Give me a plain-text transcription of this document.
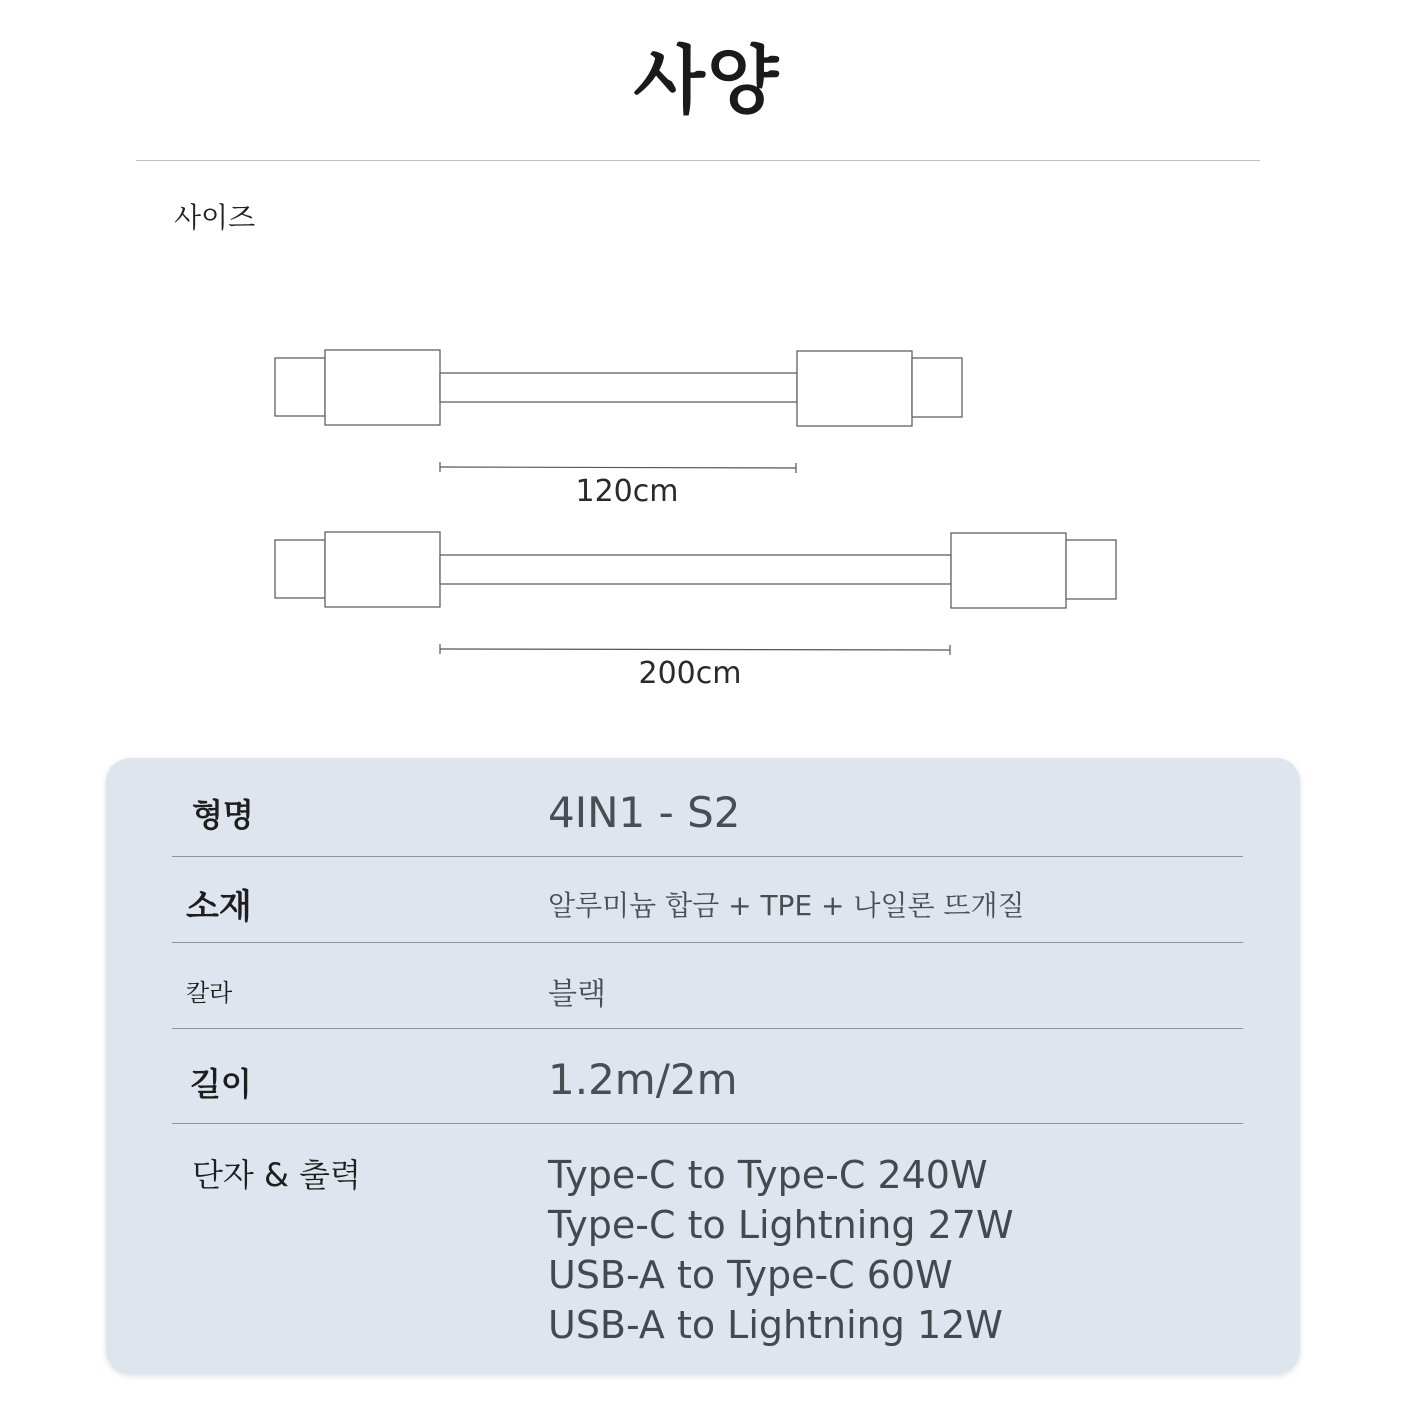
사양
사이즈
120cm
200cm
형명	4IN1 - S2
소재	알루미늄 합금 + TPE + 나일론 뜨개질
칼라	블랙
길이	1.2m/2m
단자 & 출력	Type-C to Type-C 240W
Type-C to Lightning 27W
USB-A to Type-C 60W
USB-A to Lightning 12W
